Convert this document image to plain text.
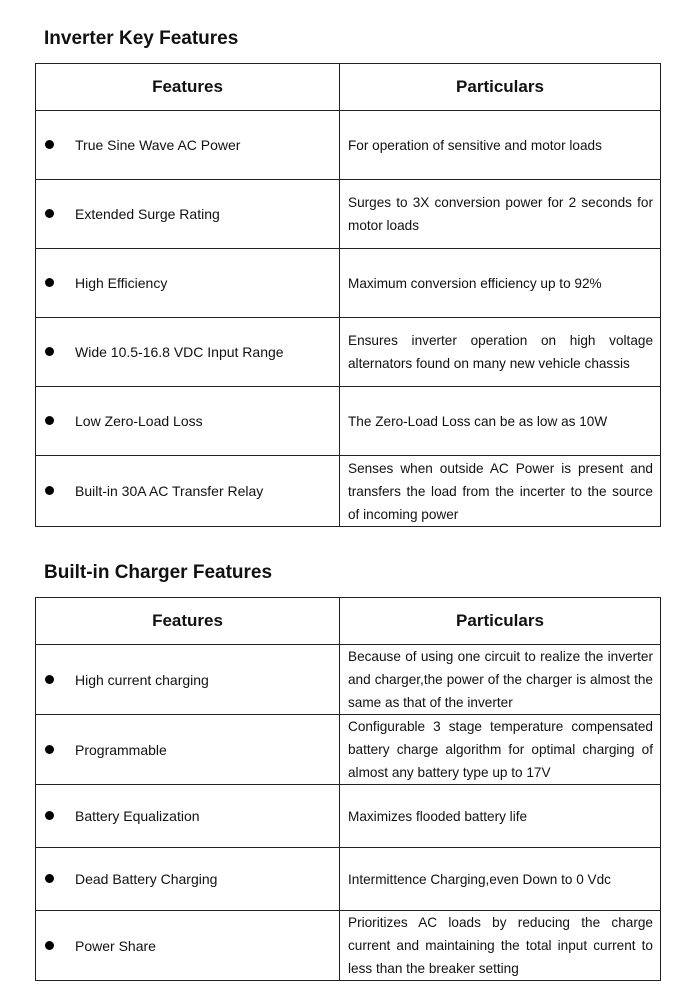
Inverter Key Features
Features	Particulars
True Sine Wave AC Power	For operation of sensitive and motor loads
Extended Surge Rating	Surges to 3X conversion power for 2 seconds for motor loads
High Efficiency	Maximum conversion efficiency up to 92%
Wide 10.5-16.8 VDC Input Range	Ensures inverter operation on high voltage alternators found on many new vehicle chassis
Low Zero-Load Loss	The Zero-Load Loss can be as low as 10W
Built-in 30A AC Transfer Relay	Senses when outside AC Power is present and transfers the load from the incerter to the source of incoming power
Built-in Charger Features
Features	Particulars
High current charging	Because of using one circuit to realize the inverter and charger,the power of the charger is almost the same as that of the inverter
Programmable	Configurable 3 stage temperature compensated battery charge algorithm for optimal charging of almost any battery type up to 17V
Battery Equalization	Maximizes flooded battery life
Dead Battery Charging	Intermittence Charging,even Down to 0 Vdc
Power Share	Prioritizes AC loads by reducing the charge current and maintaining the total input current to less than the breaker setting
